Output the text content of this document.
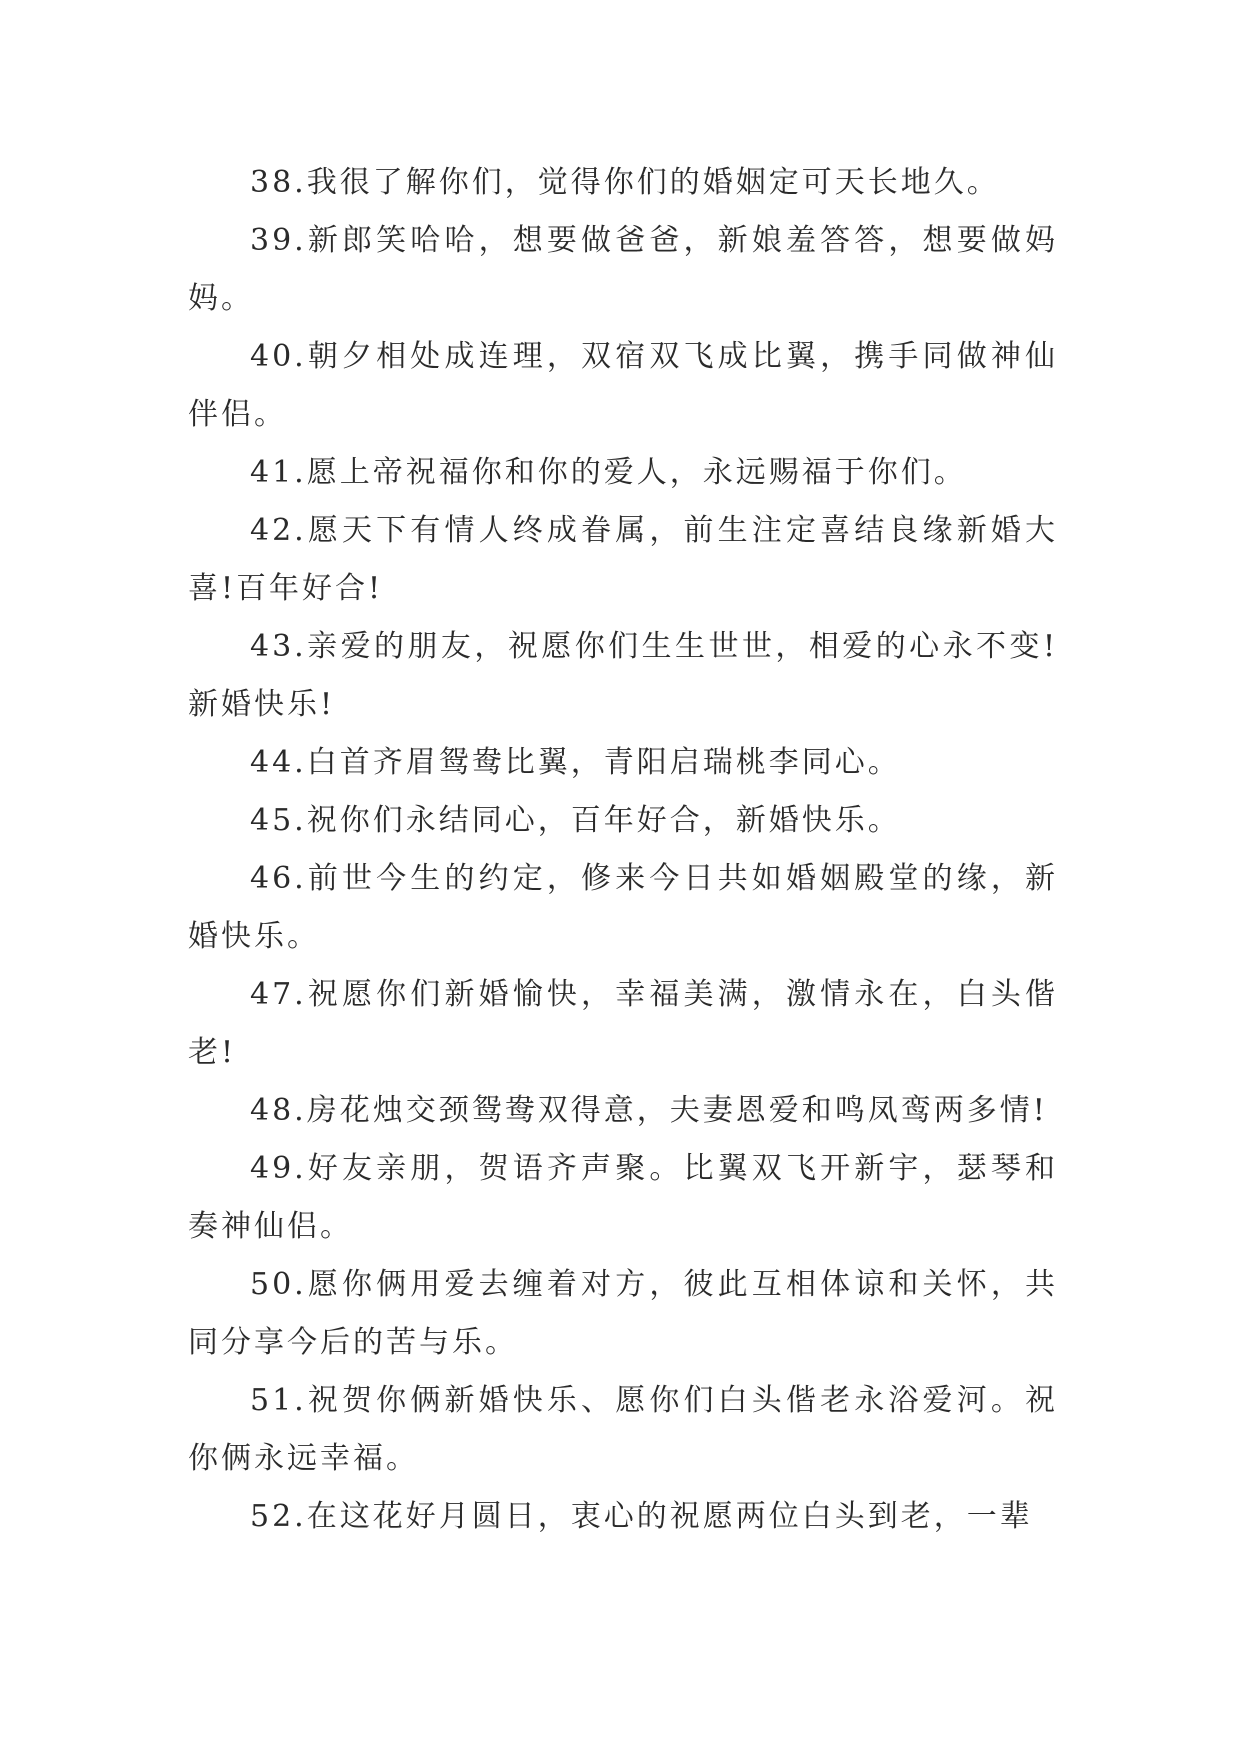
38.我很了解你们，觉得你们的婚姻定可天长地久。

39.新郎笑哈哈，想要做爸爸，新娘羞答答，想要做妈妈。

40.朝夕相处成连理，双宿双飞成比翼，携手同做神仙伴侣。

41.愿上帝祝福你和你的爱人，永远赐福于你们。

42.愿天下有情人终成眷属，前生注定喜结良缘新婚大喜!百年好合!

43.亲爱的朋友，祝愿你们生生世世，相爱的心永不变!新婚快乐!

44.白首齐眉鸳鸯比翼，青阳启瑞桃李同心。

45.祝你们永结同心，百年好合，新婚快乐。

46.前世今生的约定，修来今日共如婚姻殿堂的缘，新婚快乐。

47.祝愿你们新婚愉快，幸福美满，激情永在，白头偕老!

48.房花烛交颈鸳鸯双得意，夫妻恩爱和鸣凤鸾两多情!

49.好友亲朋，贺语齐声聚。比翼双飞开新宇，瑟琴和奏神仙侣。

50.愿你俩用爱去缠着对方，彼此互相体谅和关怀，共同分享今后的苦与乐。

51.祝贺你俩新婚快乐、愿你们白头偕老永浴爱河。祝你俩永远幸福。

52.在这花好月圆日，衷心的祝愿两位白头到老，一辈
